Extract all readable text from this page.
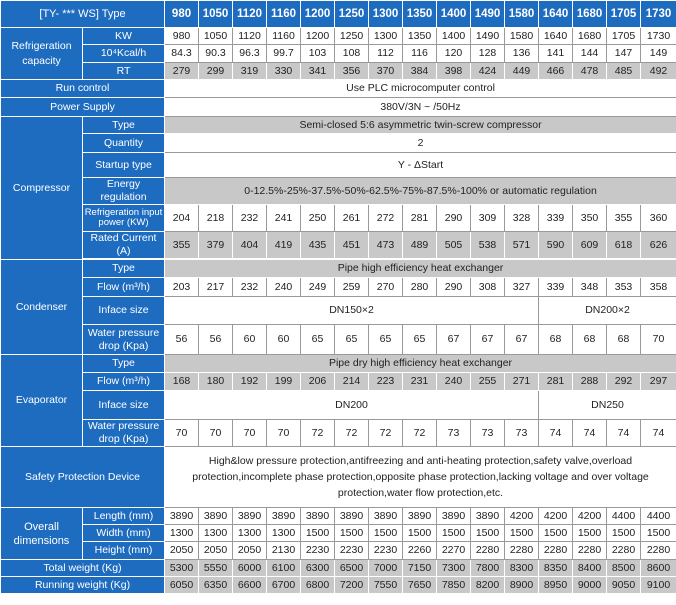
[TY- *** WS] Type		980	1050	1120	1160	1200	1250	1300	1350	1400	1490	1580	1640	1680	1705	1730
Refrigeration capacity	KW	980	1050	1120	1160	1200	1250	1300	1350	1400	1490	1580	1640	1680	1705	1730
	10⁴Kcal/h	84.3	90.3	96.3	99.7	103	108	112	116	120	128	136	141	144	147	149
	RT	279	299	319	330	341	356	370	384	398	424	449	466	478	485	492
Run control		Use PLC microcomputer control														
Power Supply		380V/3N ~ /50Hz														
Compressor	Type	Semi-closed 5:6 asymmetric twin-screw compressor														
	Quantity	2														
	Startup type	Y - ΔStart														
	Energy regulation	0-12.5%-25%-37.5%-50%-62.5%-75%-87.5%-100% or automatic regulation														
	Refrigeration input power (KW)	204	218	232	241	250	261	272	281	290	309	328	339	350	355	360
	Rated Current (A)	355	379	404	419	435	451	473	489	505	538	571	590	609	618	626

Condenser	Type	Pipe high efficiency heat exchanger														
	Flow (m³/h)	203	217	232	240	249	259	270	280	290	308	327	339	348	353	358
	Inface size	DN150×2											DN200×2			
	Water pressure drop (Kpa)	56	56	60	60	65	65	65	65	67	67	67	68	68	68	70
Evaporator	Type	Pipe dry high efficiency heat exchanger														
	Flow (m³/h)	168	180	192	199	206	214	223	231	240	255	271	281	288	292	297
	Inface size	DN200											DN250			
	Water pressure drop (Kpa)	70	70	70	70	72	72	72	72	73	73	73	74	74	74	74
Safety Protection Device		High&low pressure protection,antifreezing and anti-heating protection,safety valve,overload protection,incomplete phase protection,opposite phase protection,lacking voltage and over voltage protection,water flow protection,etc.														
Overall dimensions	Length (mm)	3890	3890	3890	3890	3890	3890	3890	3890	3890	3890	4200	4200	4200	4400	4400
	Width (mm)	1300	1300	1300	1300	1500	1500	1500	1500	1500	1500	1500	1500	1500	1500	1500
	Height (mm)	2050	2050	2050	2130	2230	2230	2230	2260	2270	2280	2280	2280	2280	2280	2280
Total weight (Kg)		5300	5550	6000	6100	6300	6500	7000	7150	7300	7800	8300	8350	8400	8500	8600
Running weight (Kg)		6050	6350	6600	6700	6800	7200	7550	7650	7850	8200	8900	8950	9000	9050	9100
